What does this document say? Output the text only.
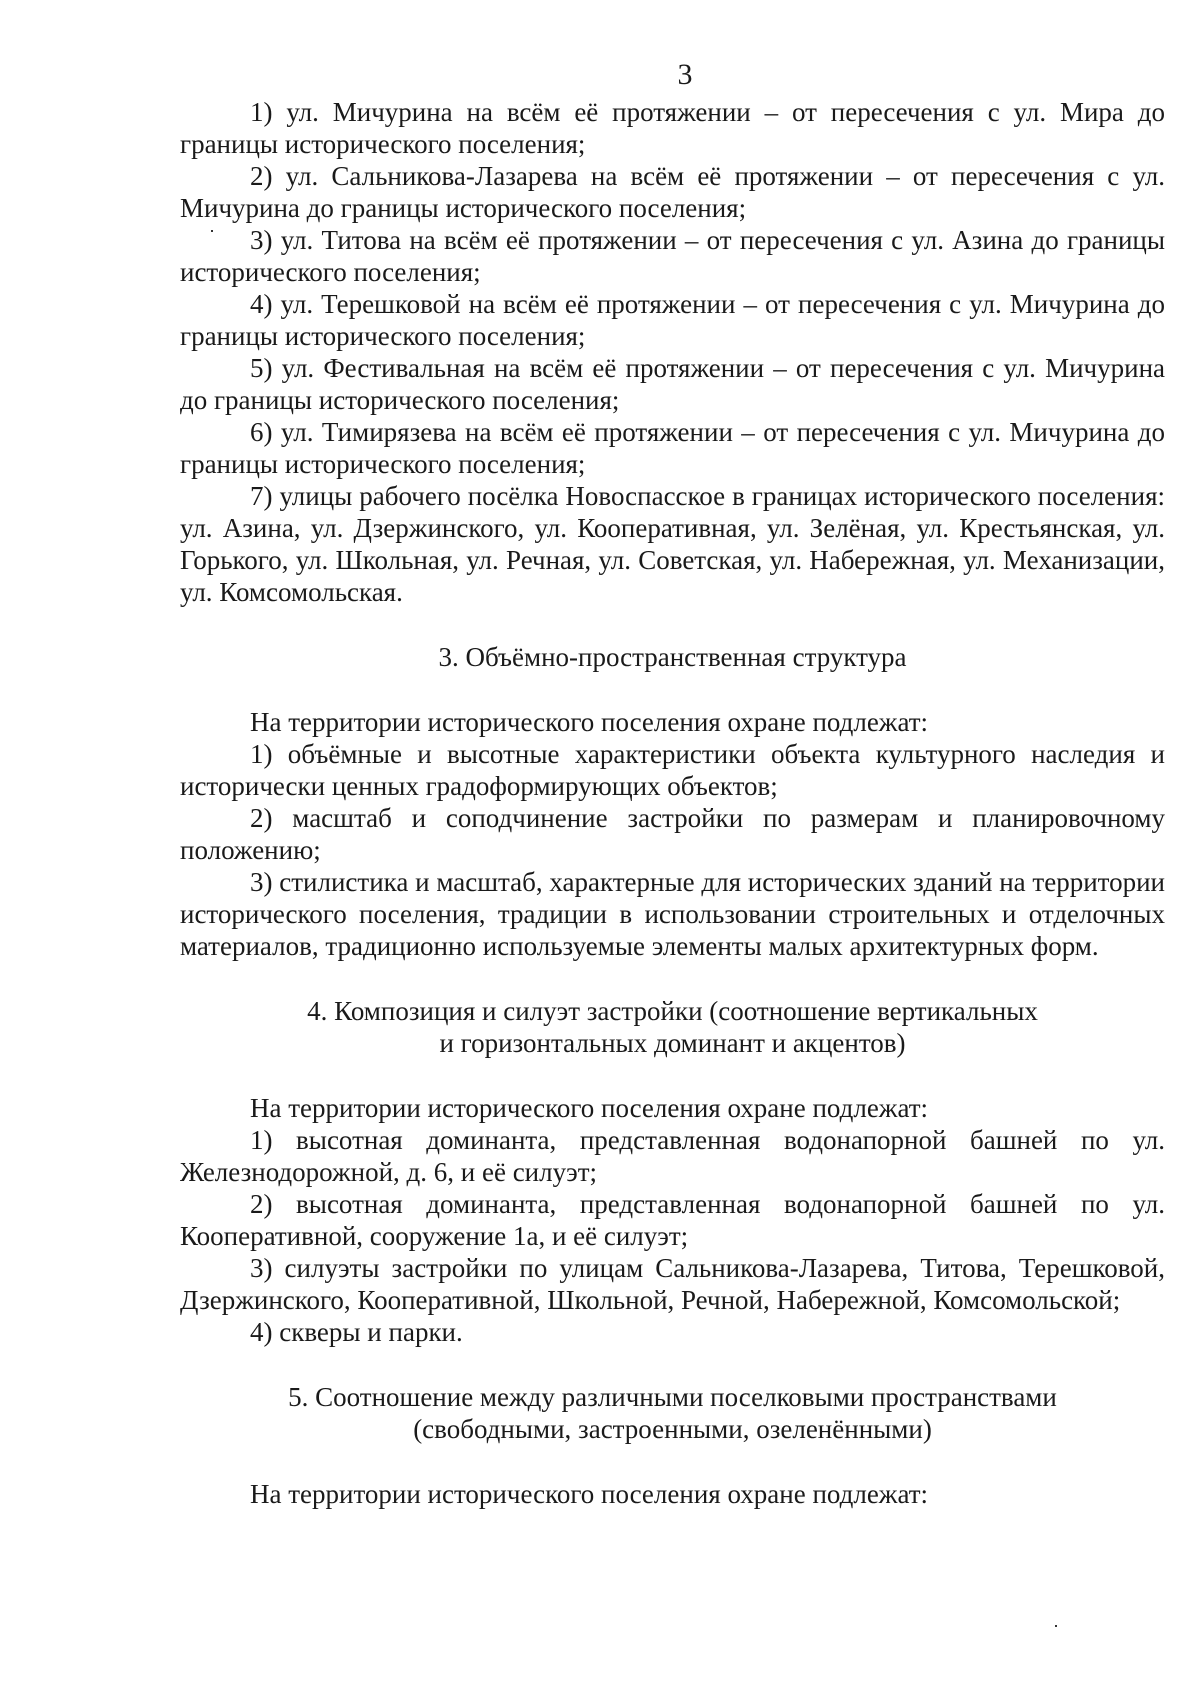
3

1) ул. Мичурина на всём её протяжении – от пересечения с ул. Мира до границы исторического поселения;

2) ул. Сальникова-Лазарева на всём её протяжении – от пересечения с ул. Мичурина до границы исторического поселения;

3) ул. Титова на всём её протяжении – от пересечения с ул. Азина до границы исторического поселения;

4) ул. Терешковой на всём её протяжении – от пересечения с ул. Мичурина до границы исторического поселения;

5) ул. Фестивальная на всём её протяжении – от пересечения с ул. Мичурина до границы исторического поселения;

6) ул. Тимирязева на всём её протяжении – от пересечения с ул. Мичурина до границы исторического поселения;

7) улицы рабочего посёлка Новоспасское в границах исторического поселения: ул. Азина, ул. Дзержинского, ул. Кооперативная, ул. Зелёная, ул. Крестьянская, ул. Горького, ул. Школьная, ул. Речная, ул. Советская, ул. Набережная, ул. Механизации, ул. Комсомольская.

3. Объёмно-пространственная структура

На территории исторического поселения охране подлежат:

1) объёмные и высотные характеристики объекта культурного наследия и исторически ценных градоформирующих объектов;

2) масштаб и соподчинение застройки по размерам и планировочному положению;

3) стилистика и масштаб, характерные для исторических зданий на территории исторического поселения, традиции в использовании строительных и отделочных материалов, традиционно используемые элементы малых архитектурных форм.

4. Композиция и силуэт застройки (соотношение вертикальных
и горизонтальных доминант и акцентов)

На территории исторического поселения охране подлежат:

1) высотная доминанта, представленная водонапорной башней по ул. Железнодорожной, д. 6, и её силуэт;

2) высотная доминанта, представленная водонапорной башней по ул. Кооперативной, сооружение 1а, и её силуэт;

3) силуэты застройки по улицам Сальникова-Лазарева, Титова, Терешковой, Дзержинского, Кооперативной, Школьной, Речной, Набережной, Комсомольской;

4) скверы и парки.

5. Соотношение между различными поселковыми пространствами
(свободными, застроенными, озеленёнными)

На территории исторического поселения охране подлежат:
